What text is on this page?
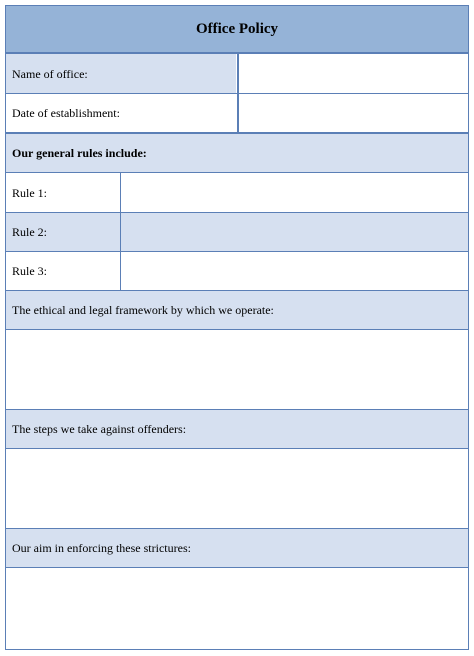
Office Policy
Name of office:
Date of establishment:
Our general rules include:
Rule 1:
Rule 2:
Rule 3:
The ethical and legal framework by which we operate:
The steps we take against offenders:
Our aim in enforcing these strictures:
